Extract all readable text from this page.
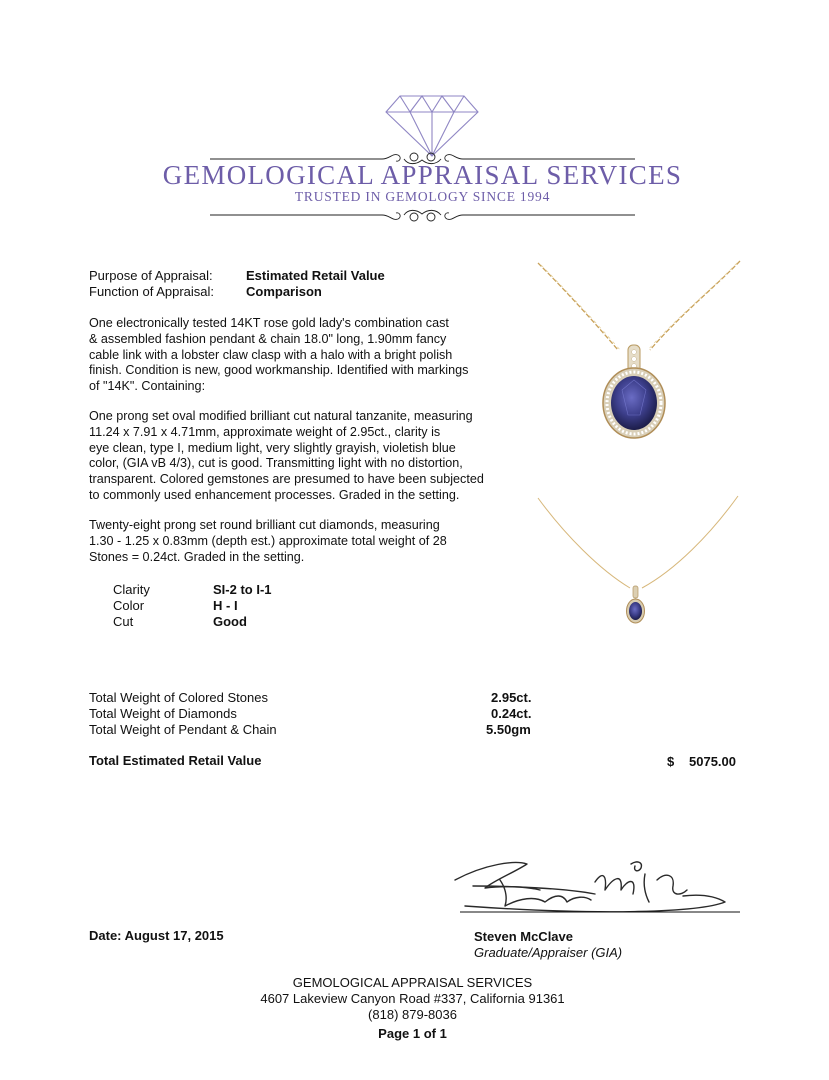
GEMOLOGICAL APPRAISAL SERVICES
TRUSTED IN GEMOLOGY SINCE 1994
Purpose of Appraisal:	Estimated Retail Value
Function of Appraisal: Comparison
One electronically tested 14KT rose gold lady's combination cast
& assembled fashion pendant & chain 18.0" long, 1.90mm fancy
cable link with a lobster claw clasp with a halo with a bright polish
finish. Condition is new, good workmanship. Identified with markings
of "14K". Containing:
One prong set oval modified brilliant cut natural tanzanite, measuring
11.24 x 7.91 x 4.71mm, approximate weight of 2.95ct., clarity is
eye clean, type I, medium light, very slightly grayish, violetish blue
color, (GIA vB 4/3), cut is good. Transmitting light with no distortion,
transparent. Colored gemstones are presumed to have been subjected
to commonly used enhancement processes. Graded in the setting.
Twenty-eight prong set round brilliant cut diamonds, measuring
1.30 - 1.25 x 0.83mm (depth est.) approximate total weight of 28
Stones = 0.24ct. Graded in the setting.
Clarity	SI-2 to I-1
Color	H - I
Cut	Good
Total Weight of Colored Stones	2.95ct.
Total Weight of Diamonds	0.24ct.
Total Weight of Pendant & Chain	5.50gm
Total Estimated Retail Value	$ 5075.00
Date: August 17, 2015	Steven McClave
Graduate/Appraiser (GIA)
GEMOLOGICAL APPRAISAL SERVICES
4607 Lakeview Canyon Road #337, California 91361
(818) 879-8036
Page 1 of 1
